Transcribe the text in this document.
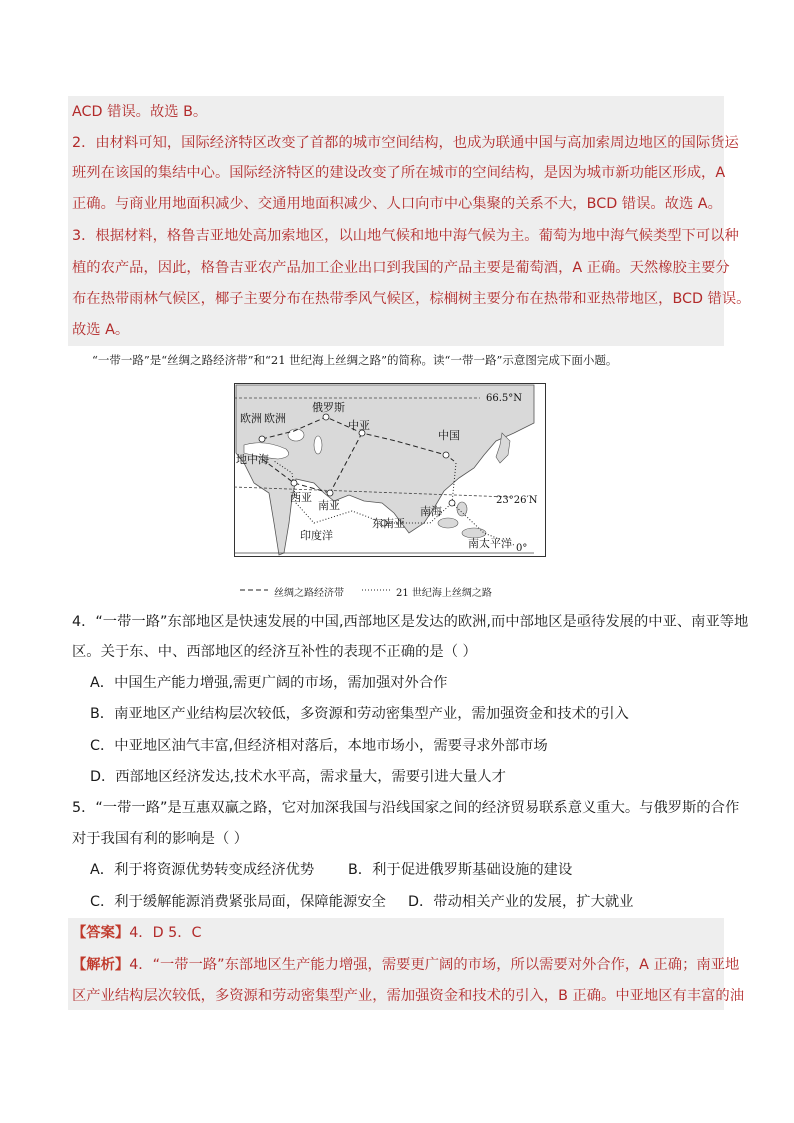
ACD 错误。故选 B。
2．由材料可知，国际经济特区改变了首都的城市空间结构，也成为联通中国与高加索周边地区的国际货运
班列在该国的集结中心。国际经济特区的建设改变了所在城市的空间结构，是因为城市新功能区形成，A
正确。与商业用地面积减少、交通用地面积减少、人口向市中心集聚的关系不大，BCD 错误。故选 A。
3．根据材料，格鲁吉亚地处高加索地区，以山地气候和地中海气候为主。葡萄为地中海气候类型下可以种
植的农产品，因此，格鲁吉亚农产品加工企业出口到我国的产品主要是葡萄酒，A 正确。天然橡胶主要分
布在热带雨林气候区，椰子主要分布在热带季风气候区，棕榈树主要分布在热带和亚热带地区，BCD 错误。
故选 A。
“一带一路”是“丝绸之路经济带”和“21 世纪海上丝绸之路”的简称。读“一带一路”示意图完成下面小题。
欧洲 欧洲
俄罗斯
中亚
中国
地中海
西亚
南亚
东南亚
南海
印度洋
南太平洋
66.5°N
23°26′N
0°
丝绸之路经济带	21 世纪海上丝绸之路
4．“一带一路”东部地区是快速发展的中国,西部地区是发达的欧洲,而中部地区是亟待发展的中亚、南亚等地
区。关于东、中、西部地区的经济互补性的表现不正确的是（ ）
A．中国生产能力增强,需更广阔的市场，需加强对外合作
B．南亚地区产业结构层次较低，多资源和劳动密集型产业，需加强资金和技术的引入
C．中亚地区油气丰富,但经济相对落后，本地市场小，需要寻求外部市场
D．西部地区经济发达,技术水平高，需求量大，需要引进大量人才
5．“一带一路”是互惠双赢之路，它对加深我国与沿线国家之间的经济贸易联系意义重大。与俄罗斯的合作
对于我国有利的影响是（ ）
A．利于将资源优势转变成经济优势 B．利于促进俄罗斯基础设施的建设
C．利于缓解能源消费紧张局面，保障能源安全 D．带动相关产业的发展，扩大就业
【答案】4．D 5．C
【解析】4．“一带一路”东部地区生产能力增强，需要更广阔的市场，所以需要对外合作，A 正确；南亚地
区产业结构层次较低，多资源和劳动密集型产业，需加强资金和技术的引入，B 正确。中亚地区有丰富的油
